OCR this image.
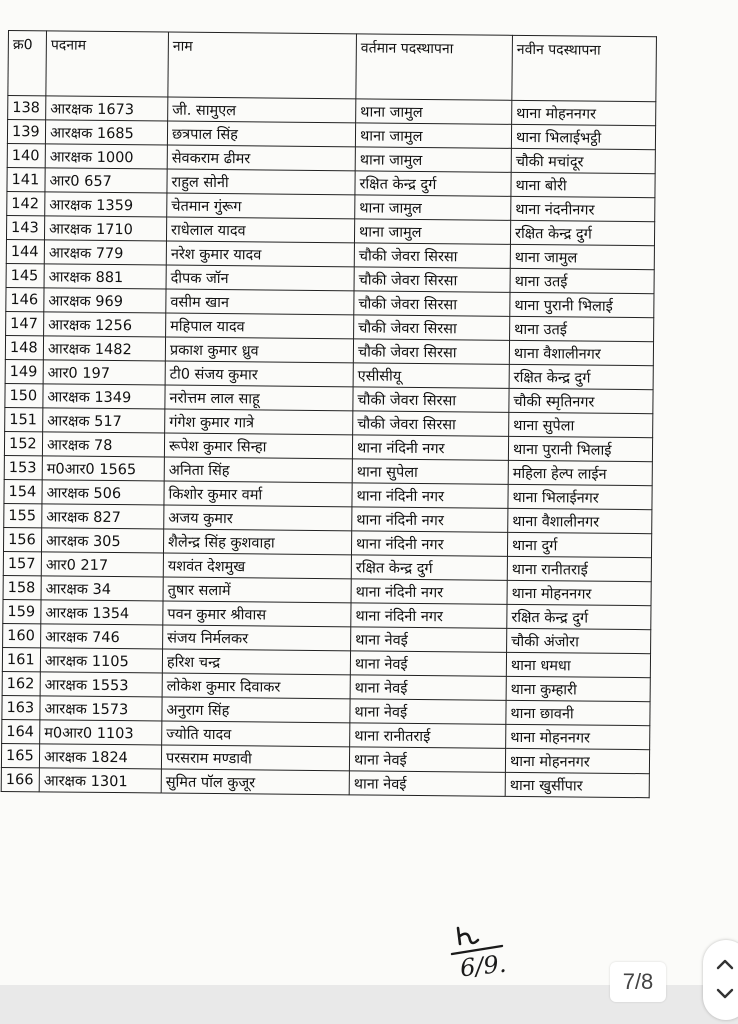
क्र0	पदनाम	नाम	वर्तमान पदस्थापना	नवीन पदस्थापना
138	आरक्षक 1673	जी. सामुएल	थाना जामुल	थाना मोहननगर
139	आरक्षक 1685	छत्रपाल सिंह	थाना जामुल	थाना भिलाईभट्ठी
140	आरक्षक 1000	सेवकराम ढीमर	थाना जामुल	चौकी मचांदूर
141	आर0 657	राहुल सोनी	रक्षित केन्द्र दुर्ग	थाना बोरी
142	आरक्षक 1359	चेतमान गुंरूग	थाना जामुल	थाना नंदनीनगर
143	आरक्षक 1710	राधेलाल यादव	थाना जामुल	रक्षित केन्द्र दुर्ग
144	आरक्षक 779	नरेश कुमार यादव	चौकी जेवरा सिरसा	थाना जामुल
145	आरक्षक 881	दीपक जॉन	चौकी जेवरा सिरसा	थाना उतई
146	आरक्षक 969	वसीम खान	चौकी जेवरा सिरसा	थाना पुरानी भिलाई
147	आरक्षक 1256	महिपाल यादव	चौकी जेवरा सिरसा	थाना उतई
148	आरक्षक 1482	प्रकाश कुमार ध्रुव	चौकी जेवरा सिरसा	थाना वैशालीनगर
149	आर0 197	टी0 संजय कुमार	एसीसीयू	रक्षित केन्द्र दुर्ग
150	आरक्षक 1349	नरोत्तम लाल साहू	चौकी जेवरा सिरसा	चौकी स्मृतिनगर
151	आरक्षक 517	गंगेश कुमार गात्रे	चौकी जेवरा सिरसा	थाना सुपेला
152	आरक्षक 78	रूपेश कुमार सिन्हा	थाना नंदिनी नगर	थाना पुरानी भिलाई
153	म0आर0 1565	अनिता सिंह	थाना सुपेला	महिला हेल्प लाईन
154	आरक्षक 506	किशोर कुमार वर्मा	थाना नंदिनी नगर	थाना भिलाईनगर
155	आरक्षक 827	अजय कुमार	थाना नंदिनी नगर	थाना वैशालीनगर
156	आरक्षक 305	शैलेन्द्र सिंह कुशवाहा	थाना नंदिनी नगर	थाना दुर्ग
157	आर0 217	यशवंत देशमुख	रक्षित केन्द्र दुर्ग	थाना रानीतराई
158	आरक्षक 34	तुषार सलामें	थाना नंदिनी नगर	थाना मोहननगर
159	आरक्षक 1354	पवन कुमार श्रीवास	थाना नंदिनी नगर	रक्षित केन्द्र दुर्ग
160	आरक्षक 746	संजय निर्मलकर	थाना नेवई	चौकी अंजोरा
161	आरक्षक 1105	हरिश चन्द्र	थाना नेवई	थाना धमधा
162	आरक्षक 1553	लोकेश कुमार दिवाकर	थाना नेवई	थाना कुम्हारी
163	आरक्षक 1573	अनुराग सिंह	थाना नेवई	थाना छावनी
164	म0आर0 1103	ज्योति यादव	थाना रानीतराई	थाना मोहननगर
165	आरक्षक 1824	परसराम मण्डावी	थाना नेवई	थाना मोहननगर
166	आरक्षक 1301	सुमित पॉल कुजूर	थाना नेवई	थाना खुर्सीपार
6/9.	7/8
